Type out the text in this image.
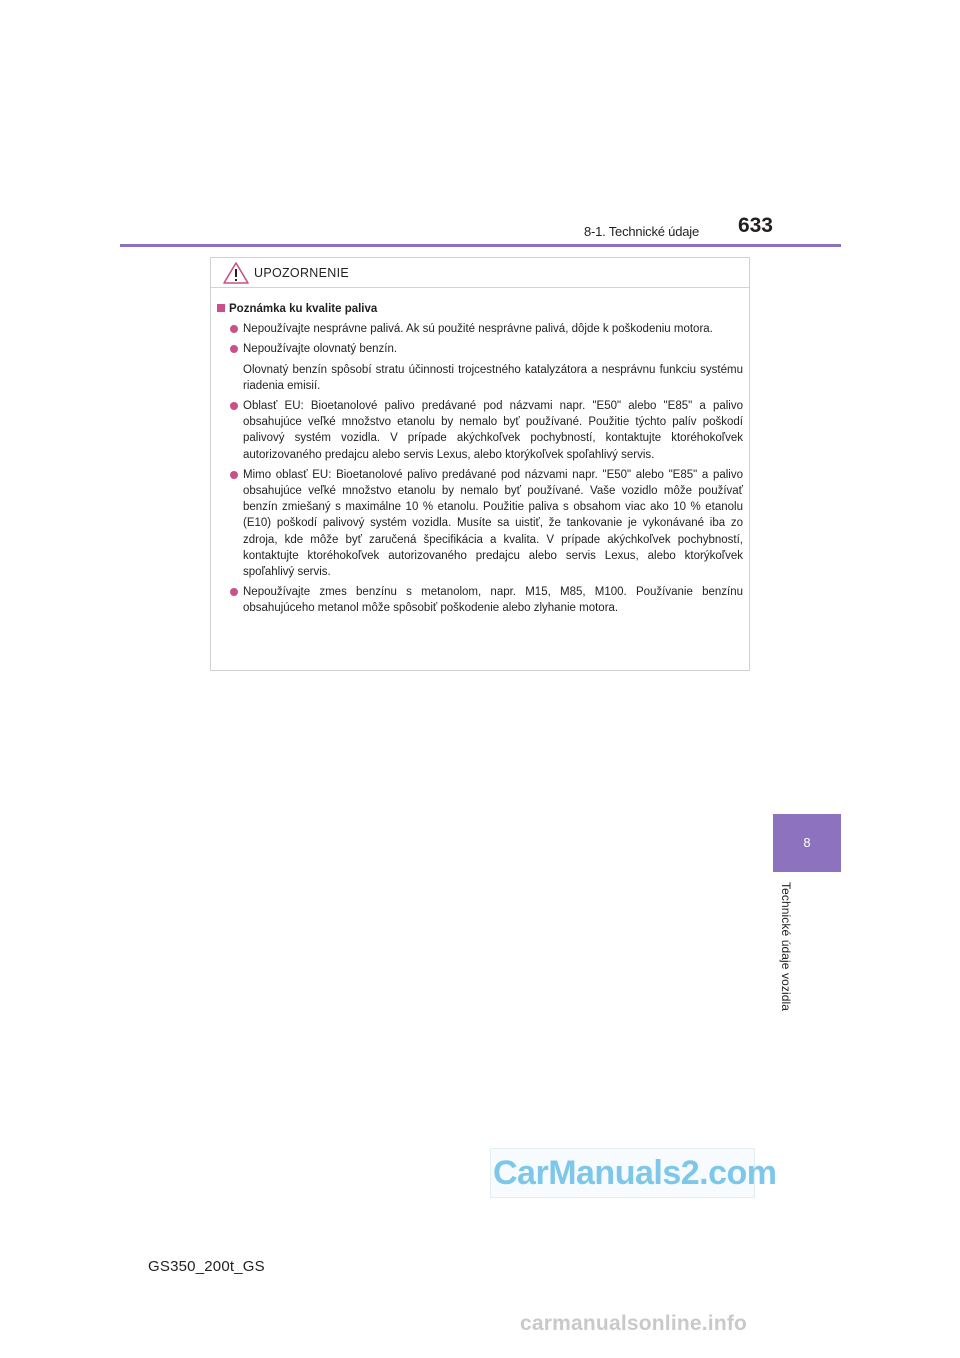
8-1. Technické údaje 633
8
Technické údaje vozidla
UPOZORNENIE
Poznámka ku kvalite paliva

Nepoužívajte nesprávne palivá. Ak sú použité nesprávne palivá, dôjde k poškodeniu motora.

Nepoužívajte olovnatý benzín.

Olovnatý benzín spôsobí stratu účinnosti trojcestného katalyzátora a nesprávnu funkciu systému riadenia emisií.

Oblasť EU: Bioetanolové palivo predávané pod názvami napr. "E50" alebo "E85" a palivo obsahujúce veľké množstvo etanolu by nemalo byť používané. Použitie týchto palív poškodí palivový systém vozidla. V prípade akýchkoľvek pochybností, kontaktujte ktoréhokoľvek autorizovaného predajcu alebo servis Lexus, alebo ktorýkoľvek spoľahlivý servis.

Mimo oblasť EU: Bioetanolové palivo predávané pod názvami napr. "E50" alebo "E85" a palivo obsahujúce veľké množstvo etanolu by nemalo byť používané. Vaše vozidlo môže používať benzín zmiešaný s maximálne 10 % etanolu. Použitie paliva s obsahom viac ako 10 % etanolu (E10) poškodí palivový systém vozidla. Musíte sa uistiť, že tankovanie je vykonávané iba zo zdroja, kde môže byť zaručená špecifikácia a kvalita. V prípade akýchkoľvek pochybností, kontaktujte ktoréhokoľvek autorizovaného predajcu alebo servis Lexus, alebo ktorýkoľvek spoľahlivý servis.

Nepoužívajte zmes benzínu s metanolom, napr. M15, M85, M100. Používanie benzínu obsahujúceho metanol môže spôsobiť poškodenie alebo zlyhanie motora.

CarManuals2.com
GS350_200t_GS
carmanualsonline.info
